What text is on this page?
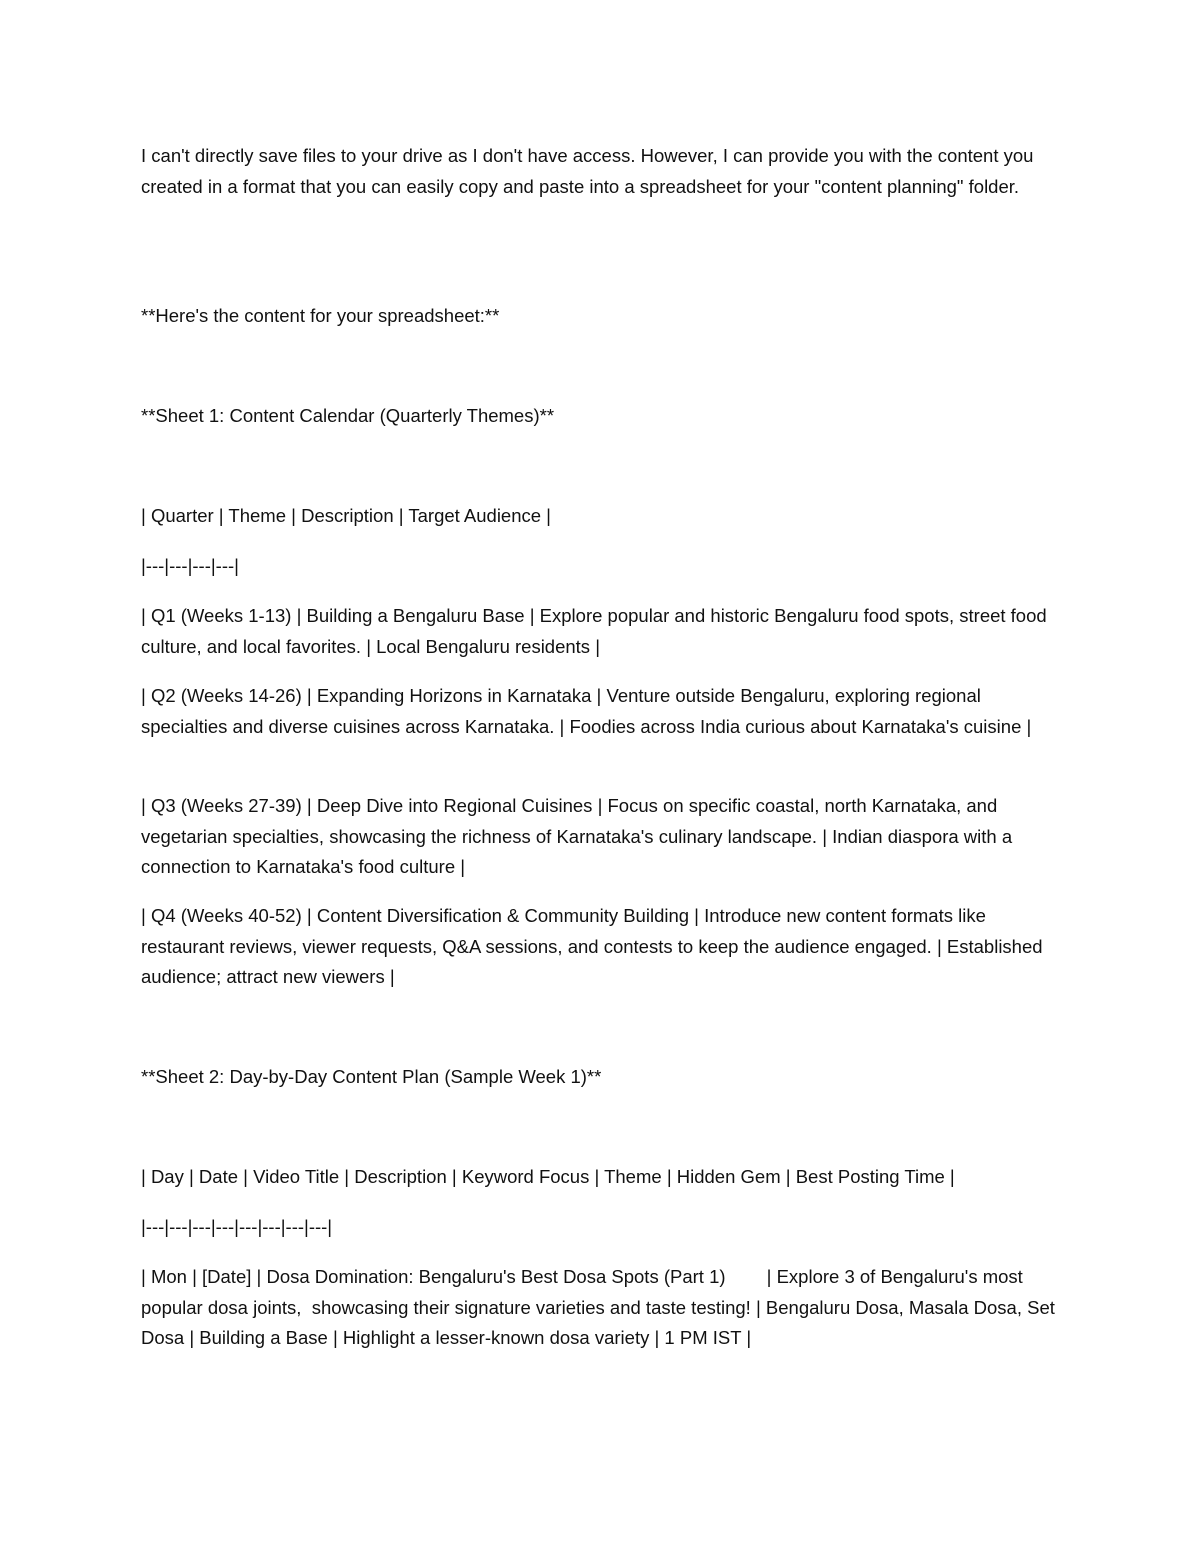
I can't directly save files to your drive as I don't have access. However, I can provide you with the content you created in a format that you can easily copy and paste into a spreadsheet for your "content planning" folder.

**Here's the content for your spreadsheet:**

**Sheet 1: Content Calendar (Quarterly Themes)**

| Quarter | Theme | Description | Target Audience |

|---|---|---|---|

| Q1 (Weeks 1-13) | Building a Bengaluru Base | Explore popular and historic Bengaluru food spots, street food culture, and local favorites. | Local Bengaluru residents |

| Q2 (Weeks 14-26) | Expanding Horizons in Karnataka | Venture outside Bengaluru, exploring regional specialties and diverse cuisines across Karnataka. | Foodies across India curious about Karnataka's cuisine |

| Q3 (Weeks 27-39) | Deep Dive into Regional Cuisines | Focus on specific coastal, north Karnataka, and vegetarian specialties, showcasing the richness of Karnataka's culinary landscape. | Indian diaspora with a connection to Karnataka's food culture |

| Q4 (Weeks 40-52) | Content Diversification & Community Building | Introduce new content formats like restaurant reviews, viewer requests, Q&A sessions, and contests to keep the audience engaged. | Established audience; attract new viewers |

**Sheet 2: Day-by-Day Content Plan (Sample Week 1)**

| Day | Date | Video Title | Description | Keyword Focus | Theme | Hidden Gem | Best Posting Time |

|---|---|---|---|---|---|---|---|

| Mon | [Date] | Dosa Domination: Bengaluru's Best Dosa Spots (Part 1)        | Explore 3 of Bengaluru's most popular dosa joints,  showcasing their signature varieties and taste testing! | Bengaluru Dosa, Masala Dosa, Set Dosa | Building a Base | Highlight a lesser-known dosa variety | 1 PM IST |
